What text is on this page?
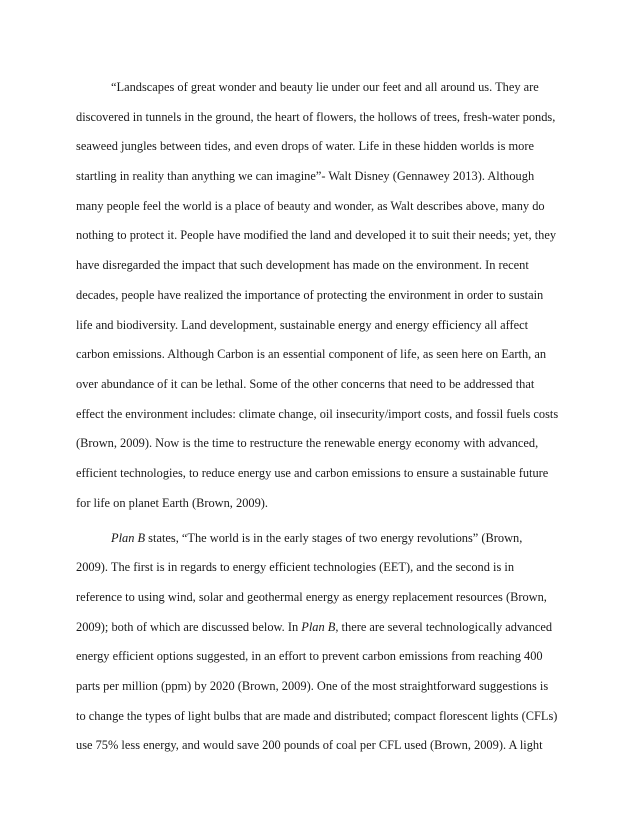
“Landscapes of great wonder and beauty lie under our feet and all around us. They are
discovered in tunnels in the ground, the heart of flowers, the hollows of trees, fresh-water ponds,
seaweed jungles between tides, and even drops of water. Life in these hidden worlds is more
startling in reality than anything we can imagine”- Walt Disney (Gennawey 2013). Although
many people feel the world is a place of beauty and wonder, as Walt describes above, many do
nothing to protect it. People have modified the land and developed it to suit their needs; yet, they
have disregarded the impact that such development has made on the environment. In recent
decades, people have realized the importance of protecting the environment in order to sustain
life and biodiversity. Land development, sustainable energy and energy efficiency all affect
carbon emissions. Although Carbon is an essential component of life, as seen here on Earth, an
over abundance of it can be lethal. Some of the other concerns that need to be addressed that
effect the environment includes: climate change, oil insecurity/import costs, and fossil fuels costs
(Brown, 2009). Now is the time to restructure the renewable energy economy with advanced,
efficient technologies, to reduce energy use and carbon emissions to ensure a sustainable future
for life on planet Earth (Brown, 2009).
Plan B states, “The world is in the early stages of two energy revolutions” (Brown,
2009). The first is in regards to energy efficient technologies (EET), and the second is in
reference to using wind, solar and geothermal energy as energy replacement resources (Brown,
2009); both of which are discussed below. In Plan B, there are several technologically advanced
energy efficient options suggested, in an effort to prevent carbon emissions from reaching 400
parts per million (ppm) by 2020 (Brown, 2009). One of the most straightforward suggestions is
to change the types of light bulbs that are made and distributed; compact florescent lights (CFLs)
use 75% less energy, and would save 200 pounds of coal per CFL used (Brown, 2009). A light
